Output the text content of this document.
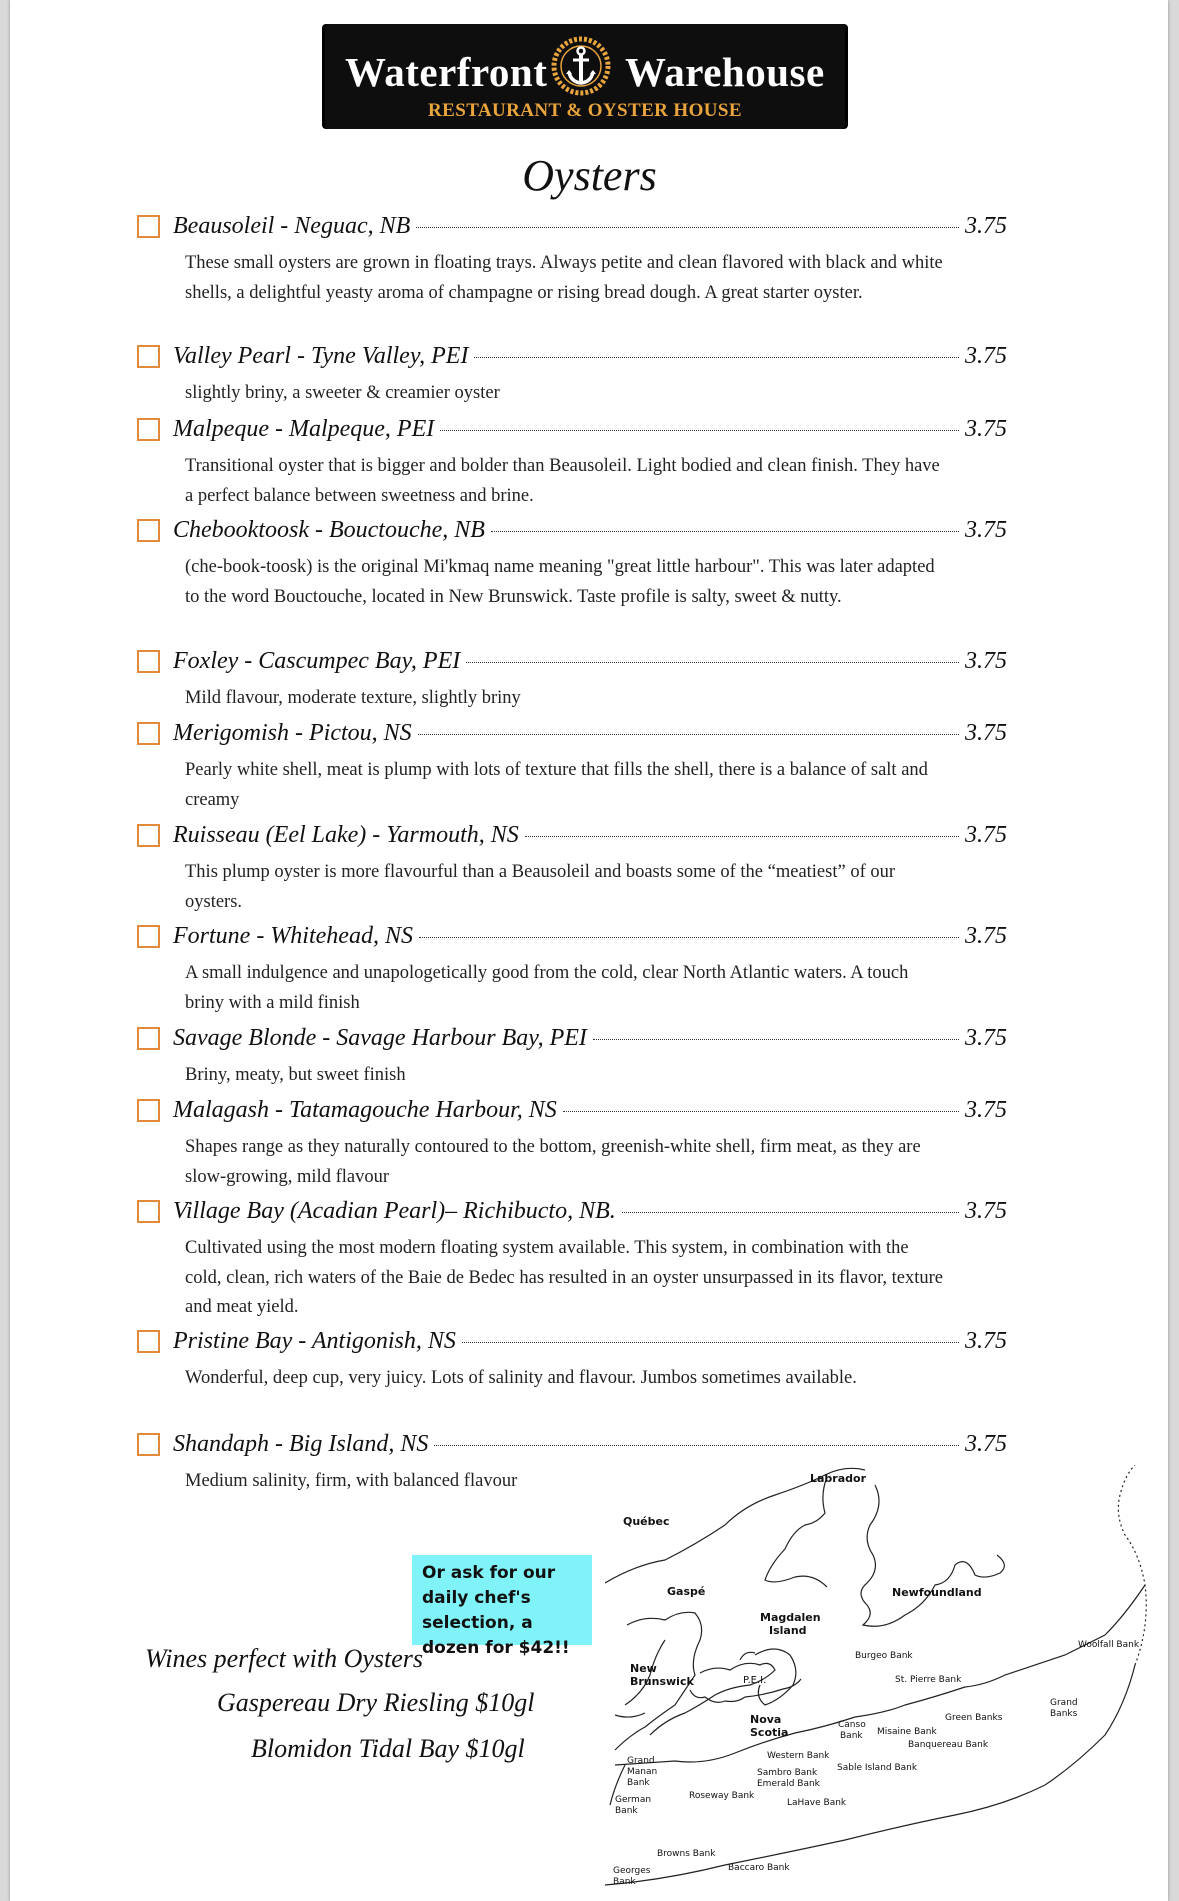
Waterfront Warehouse
RESTAURANT & OYSTER HOUSE
Oysters
Beausoleil - Neguac, NB	3.75
These small oysters are grown in floating trays. Always petite and clean flavored with black and white shells, a delightful yeasty aroma of champagne or rising bread dough. A great starter oyster.
Valley Pearl - Tyne Valley, PEI	3.75
slightly briny, a sweeter & creamier oyster
Malpeque - Malpeque, PEI	3.75
Transitional oyster that is bigger and bolder than Beausoleil. Light bodied and clean finish. They have a perfect balance between sweetness and brine.
Chebooktoosk - Bouctouche, NB	3.75
(che-book-toosk) is the original Mi'kmaq name meaning "great little harbour". This was later adapted to the word Bouctouche, located in New Brunswick. Taste profile is salty, sweet & nutty.
Foxley - Cascumpec Bay, PEI	3.75
Mild flavour, moderate texture, slightly briny
Merigomish - Pictou, NS	3.75
Pearly white shell, meat is plump with lots of texture that fills the shell, there is a balance of salt and creamy
Ruisseau (Eel Lake) - Yarmouth, NS	3.75
This plump oyster is more flavourful than a Beausoleil and boasts some of the “meatiest” of our oysters.
Fortune - Whitehead, NS	3.75
A small indulgence and unapologetically good from the cold, clear North Atlantic waters. A touch briny with a mild finish
Savage Blonde - Savage Harbour Bay, PEI	3.75
Briny, meaty, but sweet finish
Malagash - Tatamagouche Harbour, NS	3.75
Shapes range as they naturally contoured to the bottom, greenish-white shell, firm meat, as they are slow-growing, mild flavour
Village Bay (Acadian Pearl)– Richibucto, NB.	3.75
Cultivated using the most modern floating system available. This system, in combination with the cold, clean, rich waters of the Baie de Bedec has resulted in an oyster unsurpassed in its flavor, texture and meat yield.
Pristine Bay - Antigonish, NS	3.75
Wonderful, deep cup, very juicy. Lots of salinity and flavour. Jumbos sometimes available.
Shandaph - Big Island, NS	3.75
Medium salinity, firm, with balanced flavour
Or ask for our daily chef's selection, a dozen for $42!!
Wines perfect with Oysters
Gaspereau Dry Riesling $10gl
Blomidon Tidal Bay $10gl
Labrador
Québec
Gaspé	Newfoundland
Magdalen
Island
Woolfall Bank
New
Brunswick	P.E.I.
Burgeo Bank
St. Pierre Bank
Grand
Banks
Green Banks
Canso
Bank Misaine Bank
Banquereau Bank
Nova
Scotia
Western Bank
Sable Island Bank
Grand
Manan
Bank
Sambro Bank
Emerald Bank
German
Bank
Roseway Bank
LaHave Bank
Browns Bank
Georges
Bank
Baccaro Bank
